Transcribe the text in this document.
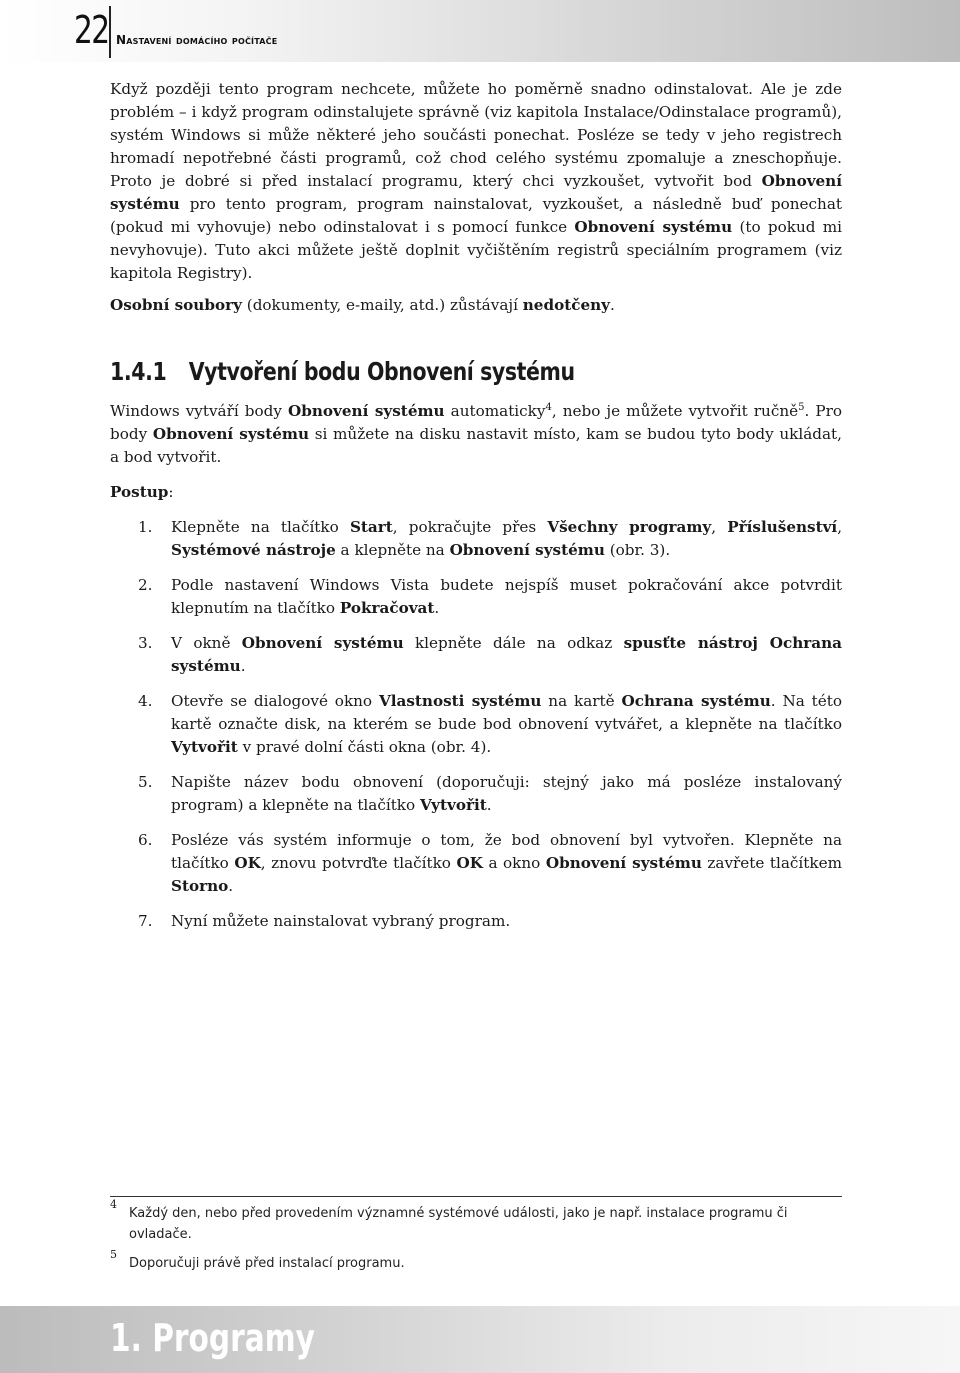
22 Nastavení domácího počítače

Když později tento program nechcete, můžete ho poměrně snadno odinstalovat. Ale je zde problém – i když program odinstalujete správně (viz kapitola Instalace/Odinstalace programů), systém Windows si může některé jeho součásti ponechat. Posléze se tedy v jeho registrech hromadí nepotřebné části programů, což chod celého systému zpomaluje a zneschopňuje. Proto je dobré si před instalací programu, který chci vyzkoušet, vytvořit bod Obnovení systému pro tento program, program nainstalovat, vyzkoušet, a následně buď ponechat (pokud mi vyhovuje) nebo odinstalovat i s pomocí funkce Obnovení systému (to pokud mi nevyhovuje). Tuto akci můžete ještě doplnit vyčištěním registrů speciálním programem (viz kapitola Registry).

Osobní soubory (dokumenty, e-maily, atd.) zůstávají nedotčeny.

1.4.1 Vytvoření bodu Obnovení systému

Windows vytváří body Obnovení systému automaticky$^4$, nebo je můžete vytvořit ručně$^5$. Pro body Obnovení systému si můžete na disku nastavit místo, kam se budou tyto body ukládat, a bod vytvořit.

Postup:

1. Klepněte na tlačítko Start, pokračujte přes Všechny programy, Příslušenství, Systémové nástroje a klepněte na Obnovení systému (obr. 3).

2. Podle nastavení Windows Vista budete nejspíš muset pokračování akce potvrdit klepnutím na tlačítko Pokračovat.

3. V okně Obnovení systému klepněte dále na odkaz spusťte nástroj Ochrana systému.

4. Otevře se dialogové okno Vlastnosti systému na kartě Ochrana systému. Na této kartě označte disk, na kterém se bude bod obnovení vytvářet, a klepněte na tlačítko Vytvořit v pravé dolní části okna (obr. 4).

5. Napište název bodu obnovení (doporučuji: stejný jako má posléze instalovaný program) a klepněte na tlačítko Vytvořit.

6. Posléze vás systém informuje o tom, že bod obnovení byl vytvořen. Klepněte na tlačítko OK, znovu potvrďte tlačítko OK a okno Obnovení systému zavřete tlačítkem Storno.

7. Nyní můžete nainstalovat vybraný program.

4
Každý den, nebo před provedením významné systémové události, jako je např. instalace programu či ovladače.
5
Doporučuji právě před instalací programu.
1. Programy
